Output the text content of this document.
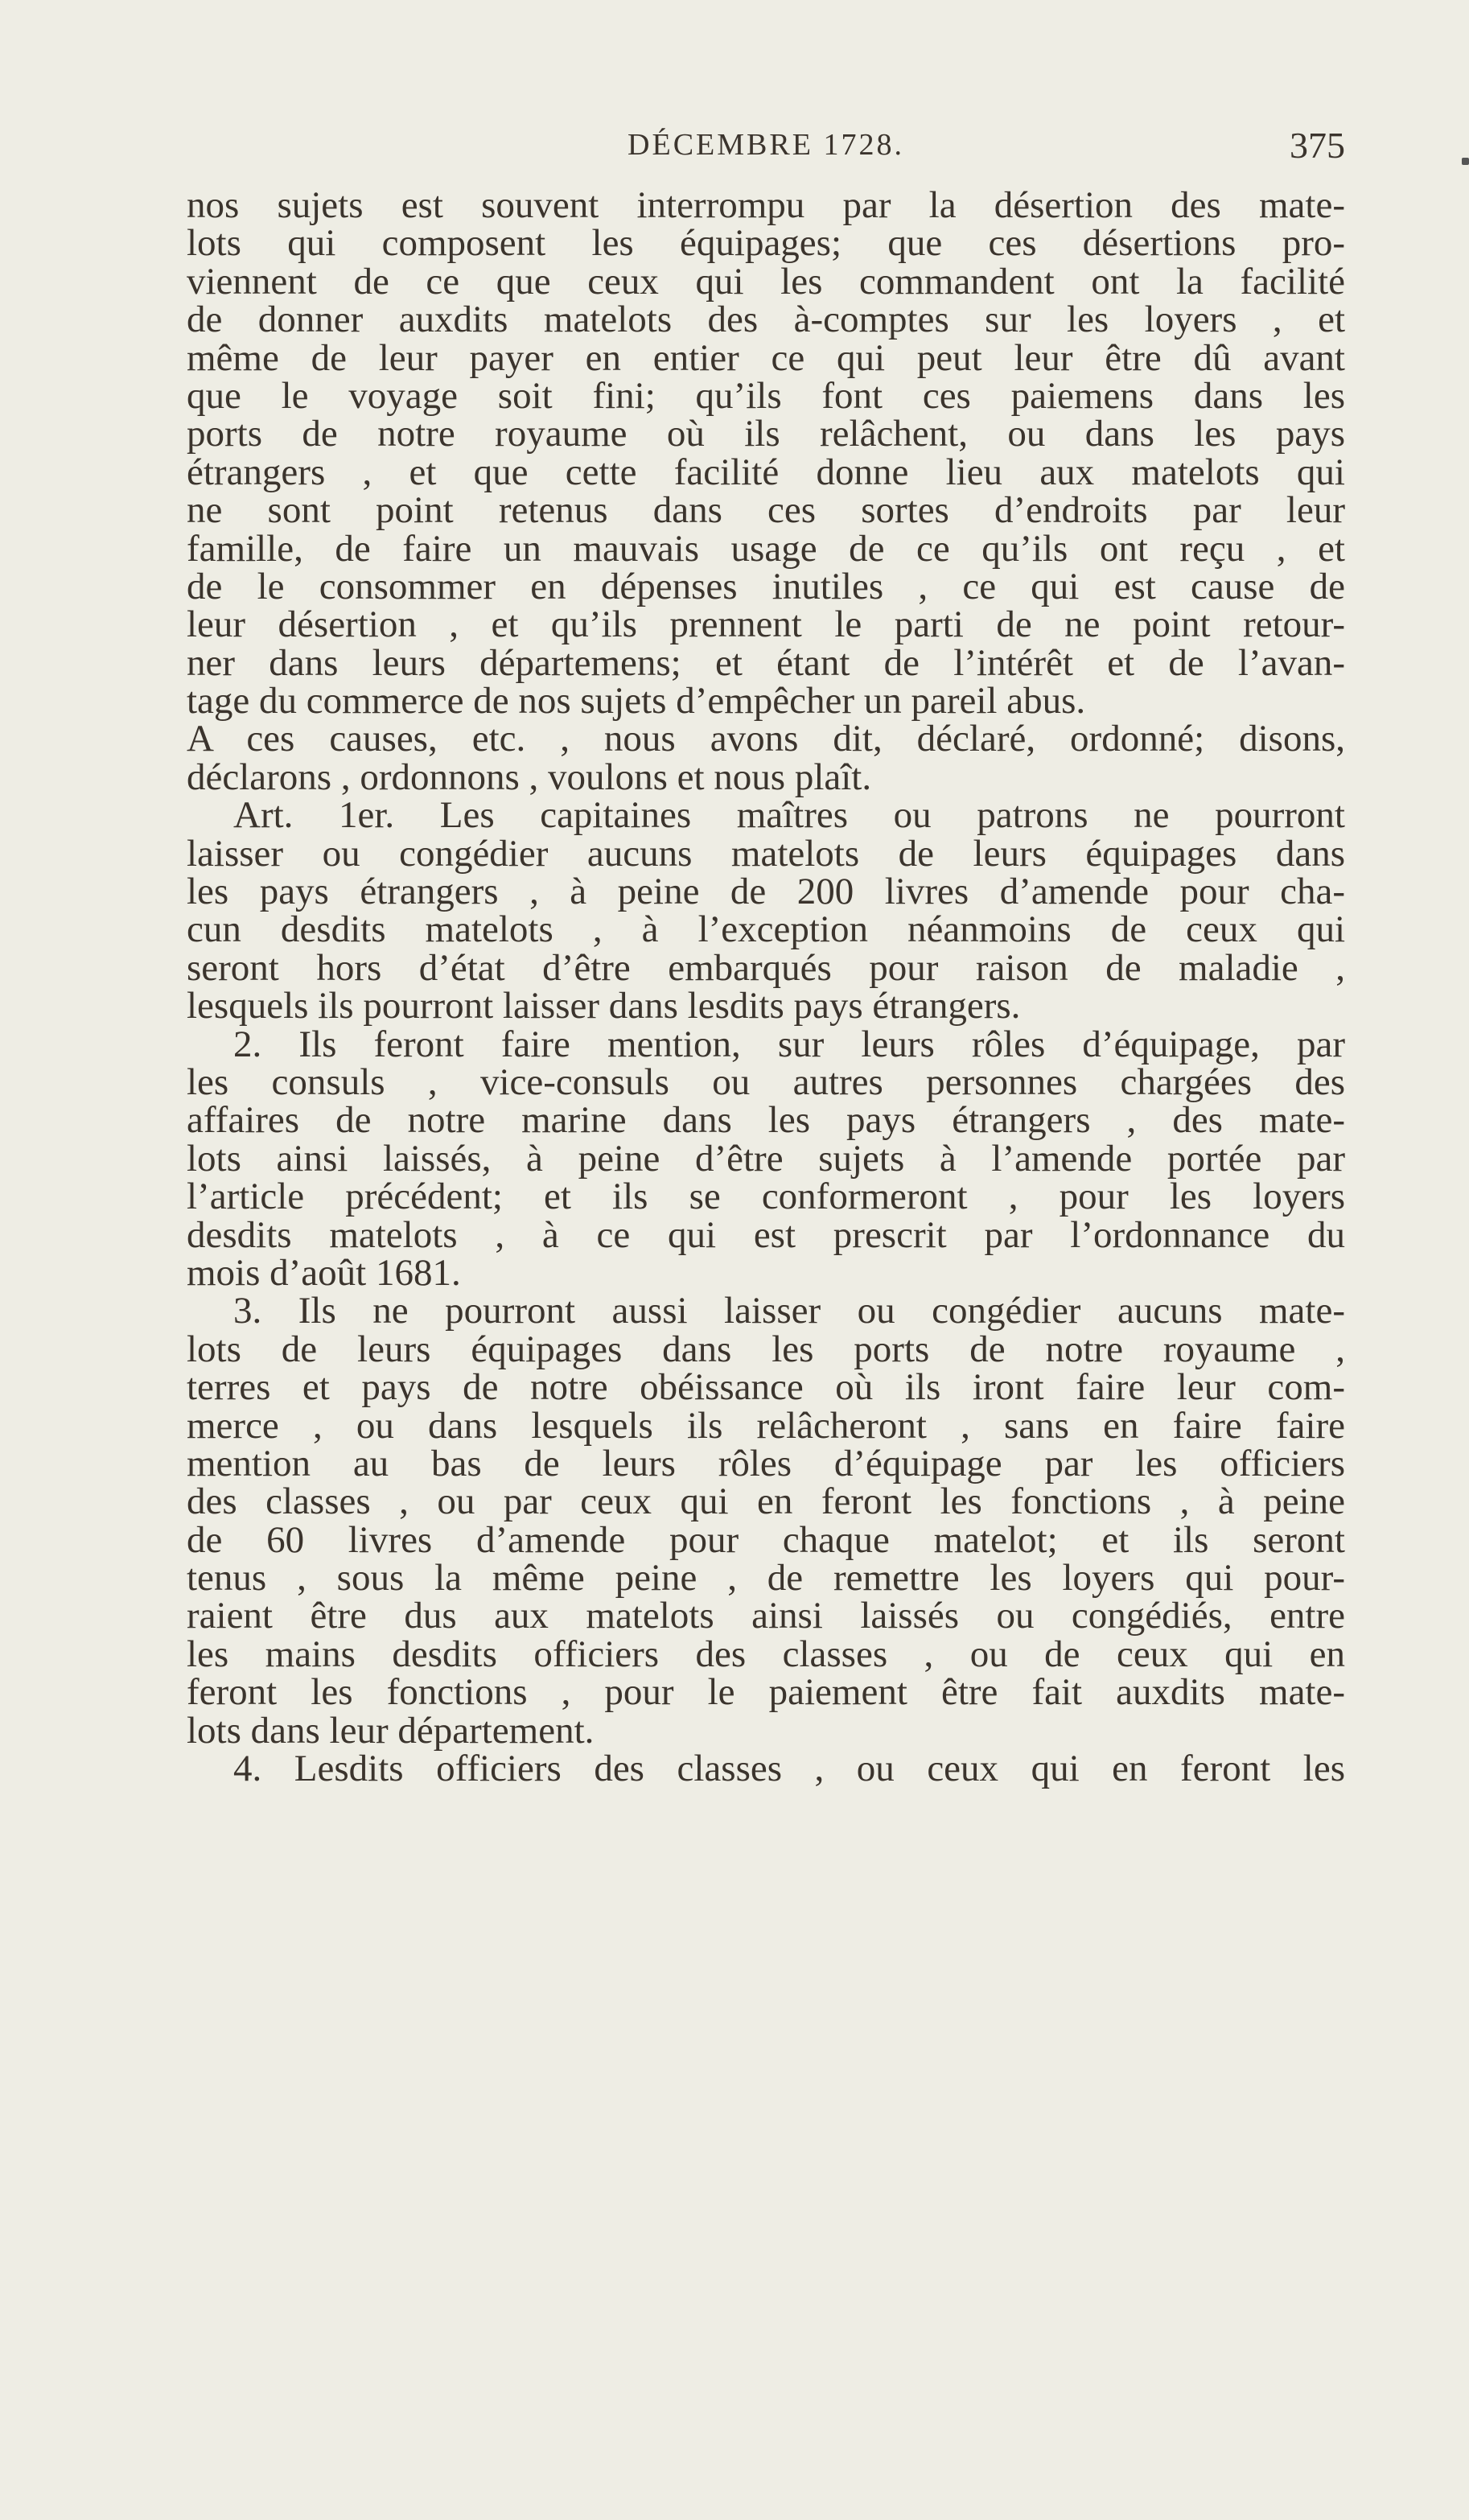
DÉCEMBRE 1728.	375
nos sujets est souvent interrompu par la désertion des mate-
lots qui composent les équipages; que ces désertions pro-
viennent de ce que ceux qui les commandent ont la facilité
de donner auxdits matelots des à-comptes sur les loyers , et
même de leur payer en entier ce qui peut leur être dû avant
que le voyage soit fini; qu’ils font ces paiemens dans les
ports de notre royaume où ils relâchent, ou dans les pays
étrangers , et que cette facilité donne lieu aux matelots qui
ne sont point retenus dans ces sortes d’endroits par leur
famille, de faire un mauvais usage de ce qu’ils ont reçu , et
de le consommer en dépenses inutiles , ce qui est cause de
leur désertion , et qu’ils prennent le parti de ne point retour-
ner dans leurs départemens; et étant de l’intérêt et de l’avan-
tage du commerce de nos sujets d’empêcher un pareil abus.
A ces causes, etc. , nous avons dit, déclaré, ordonné; disons,
déclarons , ordonnons , voulons et nous plaît.
Art. 1er. Les capitaines maîtres ou patrons ne pourront
laisser ou congédier aucuns matelots de leurs équipages dans
les pays étrangers , à peine de 200 livres d’amende pour cha-
cun desdits matelots , à l’exception néanmoins de ceux qui
seront hors d’état d’être embarqués pour raison de maladie ,
lesquels ils pourront laisser dans lesdits pays étrangers.
2. Ils feront faire mention, sur leurs rôles d’équipage, par
les consuls , vice-consuls ou autres personnes chargées des
affaires de notre marine dans les pays étrangers , des mate-
lots ainsi laissés, à peine d’être sujets à l’amende portée par
l’article précédent; et ils se conformeront , pour les loyers
desdits matelots , à ce qui est prescrit par l’ordonnance du
mois d’août 1681.
3. Ils ne pourront aussi laisser ou congédier aucuns mate-
lots de leurs équipages dans les ports de notre royaume ,
terres et pays de notre obéissance où ils iront faire leur com-
merce , ou dans lesquels ils relâcheront , sans en faire faire
mention au bas de leurs rôles d’équipage par les officiers
des classes , ou par ceux qui en feront les fonctions , à peine
de 60 livres d’amende pour chaque matelot; et ils seront
tenus , sous la même peine , de remettre les loyers qui pour-
raient être dus aux matelots ainsi laissés ou congédiés, entre
les mains desdits officiers des classes , ou de ceux qui en
feront les fonctions , pour le paiement être fait auxdits mate-
lots dans leur département.
4. Lesdits officiers des classes , ou ceux qui en feront les
